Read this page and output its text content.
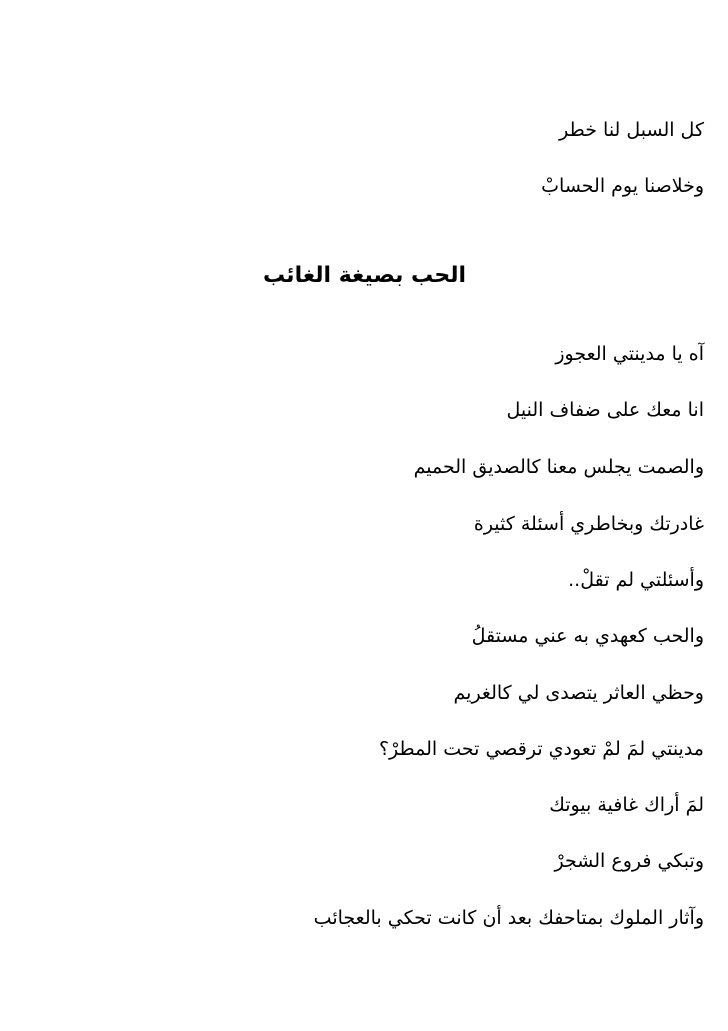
كل السبل لنا خطر

وخلاصنا يوم الحسابْ

الحب بصيغة الغائب

آه يا مدينتي العجوز

انا معك على ضفاف النيل

والصمت يجلس معنا كالصديق الحميم

غادرتك وبخاطري أسئلة كثيرة

وأسئلتي لم تقلْ..

والحب كعهدي به عني مستقلُ

وحظي العاثر يتصدى لي كالغريم

مدينتي لمَ لمْ تعودي ترقصي تحت المطرْ؟

لمَ أراك غافية بيوتك

وتبكي فروع الشجرْ

وآثار الملوك بمتاحفك بعد أن كانت تحكي بالعجائب
